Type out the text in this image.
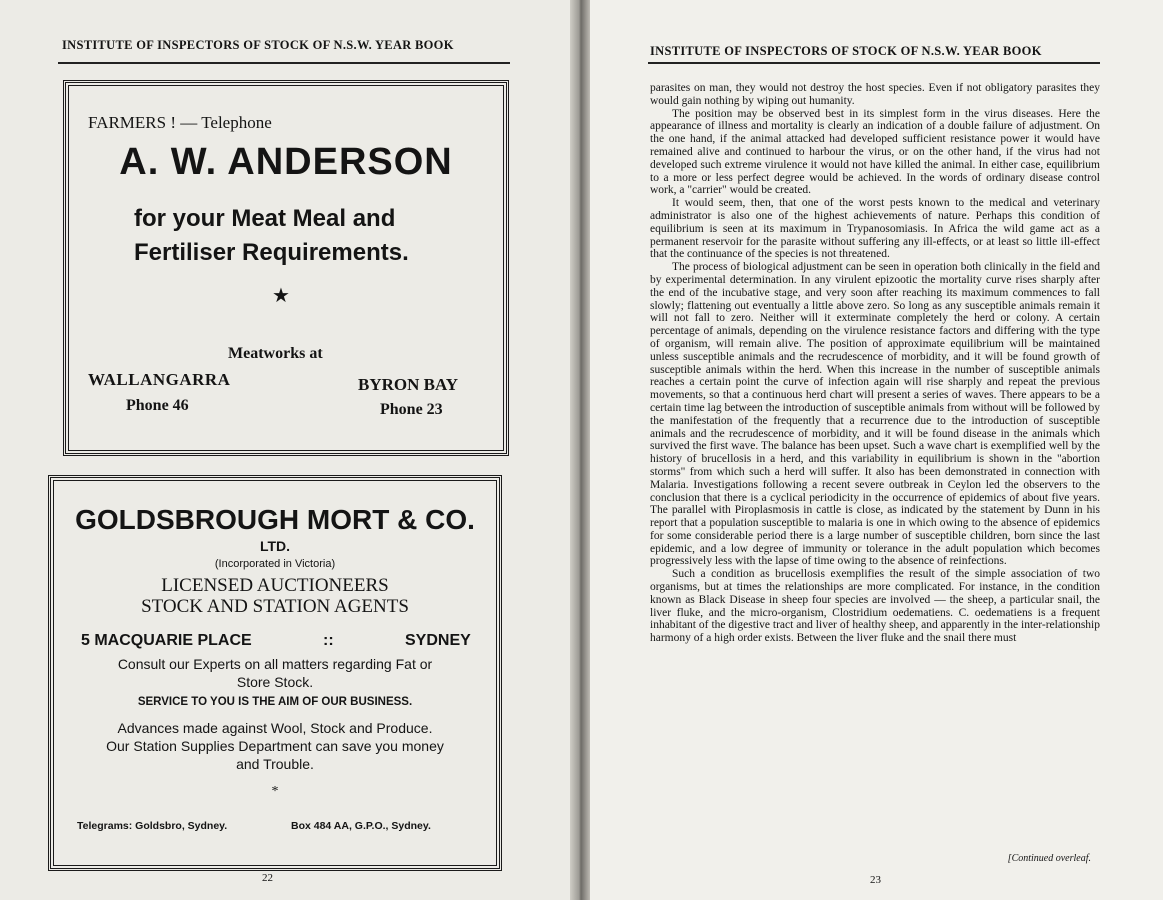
INSTITUTE OF INSPECTORS OF STOCK OF N.S.W. YEAR BOOK
FARMERS ! — Telephone
A. W. ANDERSON
for your Meat Meal and
Fertiliser Requirements.
★
Meatworks at
WALLANGARRA
Phone 46
BYRON BAY
Phone 23
GOLDSBROUGH MORT & CO.
LTD.
(Incorporated in Victoria)
LICENSED AUCTIONEERS
STOCK AND STATION AGENTS
5 MACQUARIE PLACE	::	SYDNEY
Consult our Experts on all matters regarding Fat or
Store Stock.
SERVICE TO YOU IS THE AIM OF OUR BUSINESS.
Advances made against Wool, Stock and Produce.
Our Station Supplies Department can save you money
and Trouble.
*
Telegrams: Goldsbro, Sydney.	Box 484 AA, G.P.O., Sydney.
22
INSTITUTE OF INSPECTORS OF STOCK OF N.S.W. YEAR BOOK

parasites on man, they would not destroy the host species. Even if not obligatory parasites they would gain nothing by wiping out humanity.

The position may be observed best in its simplest form in the virus diseases. Here the appearance of illness and mortality is clearly an indication of a double failure of adjustment. On the one hand, if the animal attacked had developed sufficient resistance power it would have remained alive and continued to harbour the virus, or on the other hand, if the virus had not developed such extreme virulence it would not have killed the animal. In either case, equilibrium to a more or less perfect degree would be achieved. In the words of ordinary disease control work, a "carrier" would be created.

It would seem, then, that one of the worst pests known to the medical and veterinary administrator is also one of the highest achievements of nature. Perhaps this condition of equilibrium is seen at its maximum in Trypanosomiasis. In Africa the wild game act as a permanent reservoir for the parasite without suffering any ill-effects, or at least so little ill-effect that the continuance of the species is not threatened.

The process of biological adjustment can be seen in operation both clinically in the field and by experimental determination. In any virulent epizootic the mortality curve rises sharply after the end of the incubative stage, and very soon after reaching its maximum commences to fall slowly; flattening out eventually a little above zero. So long as any susceptible animals remain it will not fall to zero. Neither will it exterminate completely the herd or colony. A certain percentage of animals, depending on the virulence resistance factors and differing with the type of organism, will remain alive. The position of approximate equilibrium will be maintained unless susceptible animals and the recrudescence of morbidity, and it will be found growth of susceptible animals within the herd. When this increase in the number of susceptible animals reaches a certain point the curve of infection again will rise sharply and repeat the previous movements, so that a continuous herd chart will present a series of waves. There appears to be a certain time lag between the introduction of susceptible animals from without will be followed by the manifestation of the frequently that a recurrence due to the introduction of susceptible animals and the recrudescence of morbidity, and it will be found disease in the animals which survived the first wave. The balance has been upset. Such a wave chart is exemplified well by the history of brucellosis in a herd, and this variability in equilibrium is shown in the "abortion storms" from which such a herd will suffer. It also has been demonstrated in connection with Malaria. Investigations following a recent severe outbreak in Ceylon led the observers to the conclusion that there is a cyclical periodicity in the occurrence of epidemics of about five years. The parallel with Piroplasmosis in cattle is close, as indicated by the statement by Dunn in his report that a population susceptible to malaria is one in which owing to the absence of epidemics for some considerable period there is a large number of susceptible children, born since the last epidemic, and a low degree of immunity or tolerance in the adult population which becomes progressively less with the lapse of time owing to the absence of reinfections.

Such a condition as brucellosis exemplifies the result of the simple association of two organisms, but at times the relationships are more complicated. For instance, in the condition known as Black Disease in sheep four species are involved — the sheep, a particular snail, the liver fluke, and the micro-organism, Clostridium oedematiens. C. oedematiens is a frequent inhabitant of the digestive tract and liver of healthy sheep, and apparently in the inter-relationship harmony of a high order exists. Between the liver fluke and the snail there must

[Continued overleaf.
23
